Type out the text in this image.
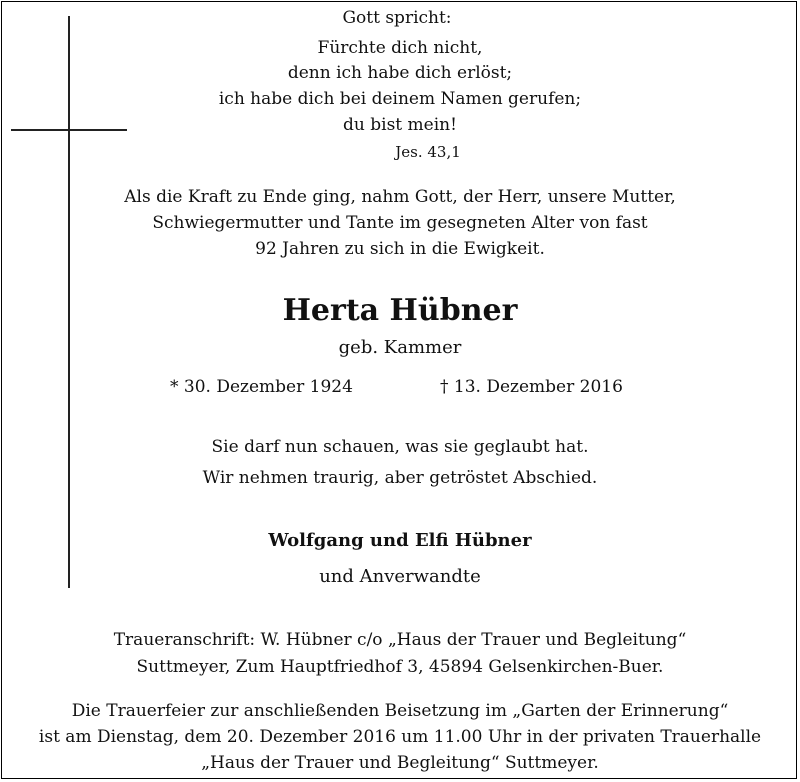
Gott spricht:
Fürchte dich nicht,
denn ich habe dich erlöst;
ich habe dich bei deinem Namen gerufen;
du bist mein!
Jes. 43,1
Als die Kraft zu Ende ging, nahm Gott, der Herr, unsere Mutter,
Schwiegermutter und Tante im gesegneten Alter von fast
92 Jahren zu sich in die Ewigkeit.
Herta Hübner
geb. Kammer
* 30. Dezember 1924	† 13. Dezember 2016
Sie darf nun schauen, was sie geglaubt hat.
Wir nehmen traurig, aber getröstet Abschied.
Wolfgang und Elfi Hübner
und Anverwandte
Traueranschrift: W. Hübner c/o „Haus der Trauer und Begleitung“
Suttmeyer, Zum Hauptfriedhof 3, 45894 Gelsenkirchen-Buer.
Die Trauerfeier zur anschließenden Beisetzung im „Garten der Erinnerung“
ist am Dienstag, dem 20. Dezember 2016 um 11.00 Uhr in der privaten Trauerhalle
„Haus der Trauer und Begleitung“ Suttmeyer.
